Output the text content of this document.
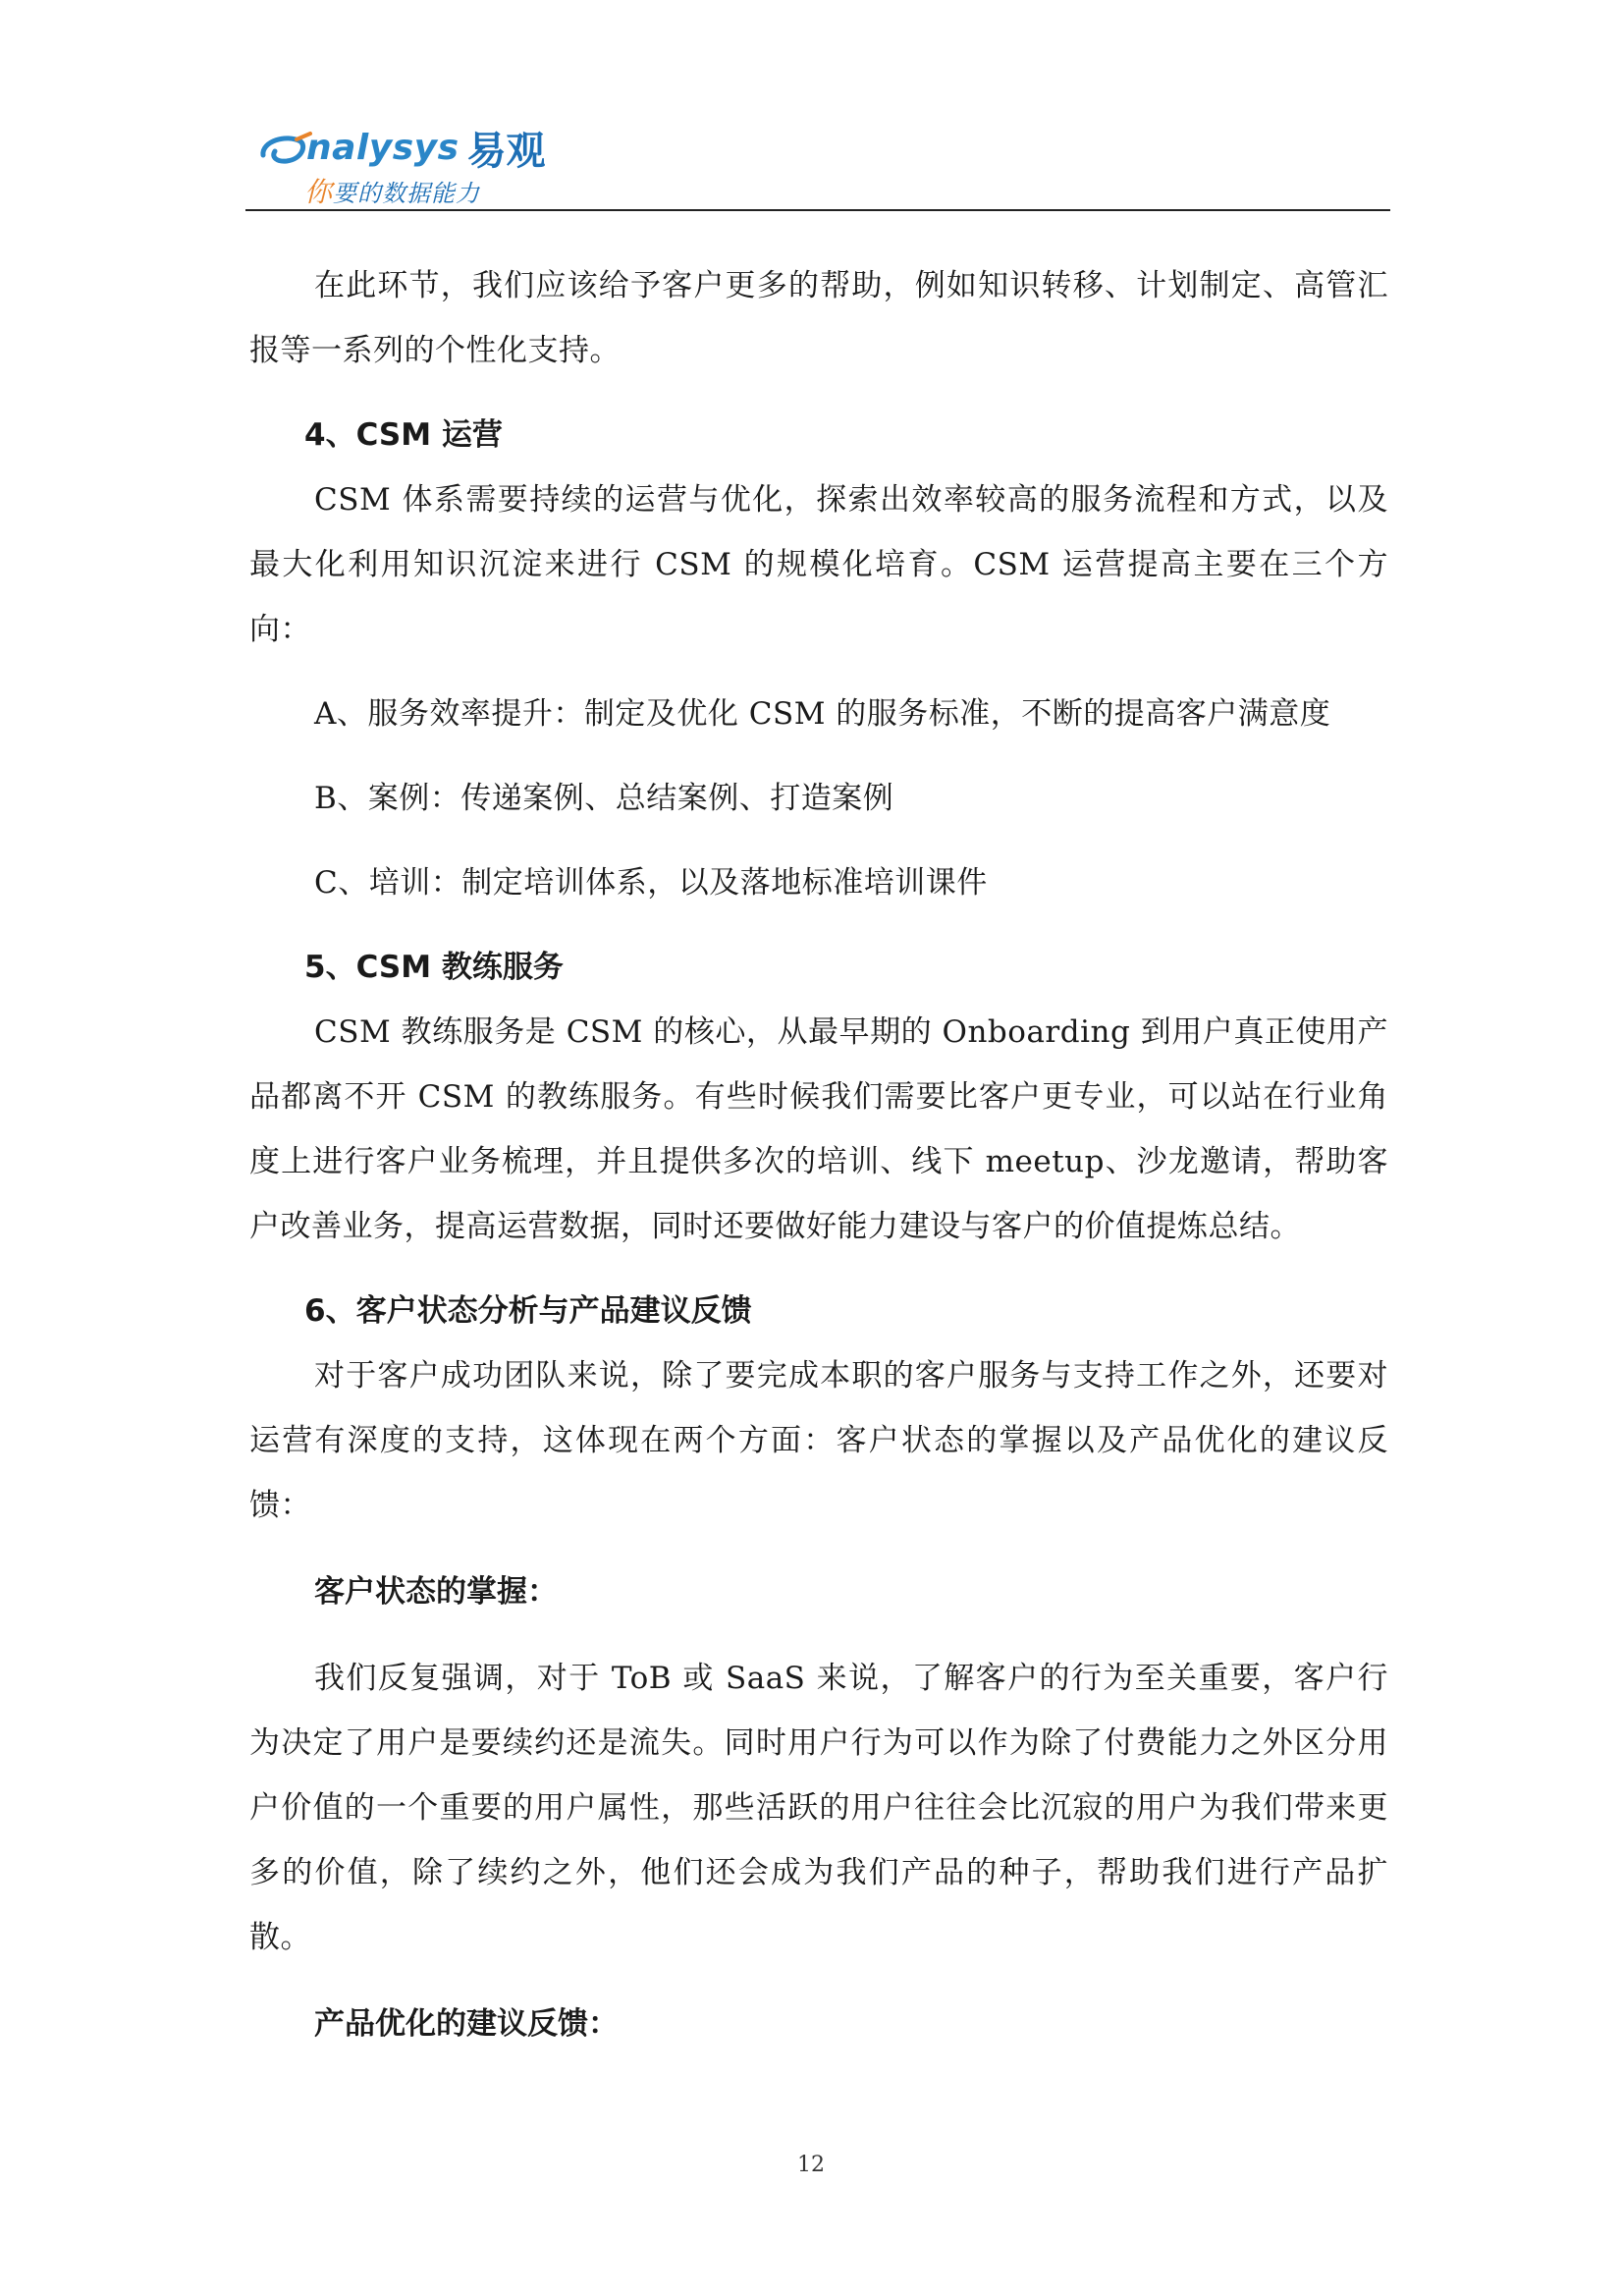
nalysys 易观
你要的数据能力

在此环节，我们应该给予客户更多的帮助，例如知识转移、计划制定、高管汇报等一系列的个性化支持。

4、CSM 运营

CSM 体系需要持续的运营与优化，探索出效率较高的服务流程和方式，以及最大化利用知识沉淀来进行 CSM 的规模化培育。CSM 运营提高主要在三个方向：

A、服务效率提升：制定及优化 CSM 的服务标准，不断的提高客户满意度

B、案例：传递案例、总结案例、打造案例

C、培训：制定培训体系，以及落地标准培训课件

5、CSM 教练服务

CSM 教练服务是 CSM 的核心，从最早期的 Onboarding 到用户真正使用产品都离不开 CSM 的教练服务。有些时候我们需要比客户更专业，可以站在行业角度上进行客户业务梳理，并且提供多次的培训、线下 meetup、沙龙邀请，帮助客户改善业务，提高运营数据，同时还要做好能力建设与客户的价值提炼总结。

6、客户状态分析与产品建议反馈

对于客户成功团队来说，除了要完成本职的客户服务与支持工作之外，还要对运营有深度的支持，这体现在两个方面：客户状态的掌握以及产品优化的建议反馈：

客户状态的掌握：

我们反复强调，对于 ToB 或 SaaS 来说，了解客户的行为至关重要，客户行为决定了用户是要续约还是流失。同时用户行为可以作为除了付费能力之外区分用户价值的一个重要的用户属性，那些活跃的用户往往会比沉寂的用户为我们带来更多的价值，除了续约之外，他们还会成为我们产品的种子，帮助我们进行产品扩散。

产品优化的建议反馈：

12
